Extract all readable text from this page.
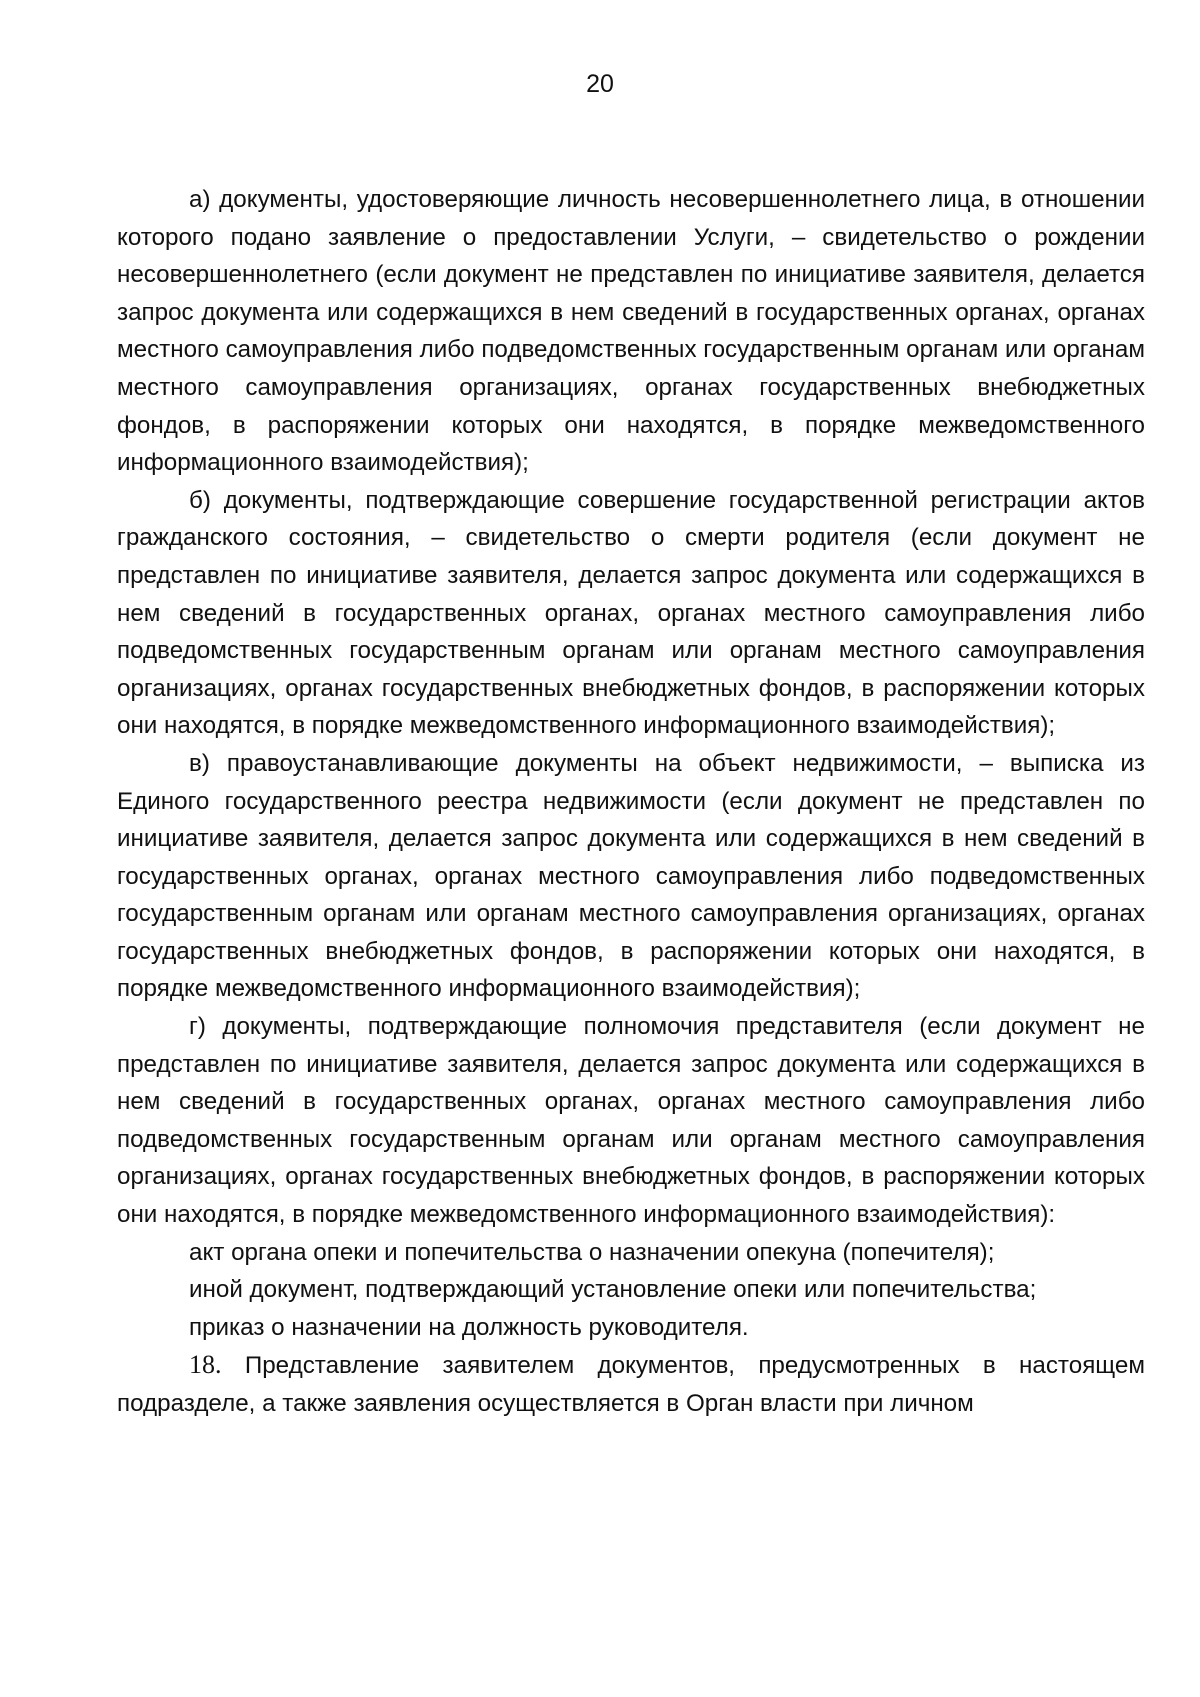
20

а) документы, удостоверяющие личность несовершеннолетнего лица, в отношении которого подано заявление о предоставлении Услуги, – свидетельство о рождении несовершеннолетнего (если документ не представлен по инициативе заявителя, делается запрос документа или содержащихся в нем сведений в государственных органах, органах местного самоуправления либо подведомственных государственным органам или органам местного самоуправления организациях, органах государственных внебюджетных фондов, в распоряжении которых они находятся, в порядке межведомственного информационного взаимодействия);

б) документы, подтверждающие совершение государственной регистрации актов гражданского состояния, – свидетельство о смерти родителя (если документ не представлен по инициативе заявителя, делается запрос документа или содержащихся в нем сведений в государственных органах, органах местного самоуправления либо подведомственных государственным органам или органам местного самоуправления организациях, органах государственных внебюджетных фондов, в распоряжении которых они находятся, в порядке межведомственного информационного взаимодействия);

в) правоустанавливающие документы на объект недвижимости, – выписка из Единого государственного реестра недвижимости (если документ не представлен по инициативе заявителя, делается запрос документа или содержащихся в нем сведений в государственных органах, органах местного самоуправления либо подведомственных государственным органам или органам местного самоуправления организациях, органах государственных внебюджетных фондов, в распоряжении которых они находятся, в порядке межведомственного информационного взаимодействия);

г) документы, подтверждающие полномочия представителя (если документ не представлен по инициативе заявителя, делается запрос документа или содержащихся в нем сведений в государственных органах, органах местного самоуправления либо подведомственных государственным органам или органам местного самоуправления организациях, органах государственных внебюджетных фондов, в распоряжении которых они находятся, в порядке межведомственного информационного взаимодействия):

акт органа опеки и попечительства о назначении опекуна (попечителя);

иной документ, подтверждающий установление опеки или попечительства;

приказ о назначении на должность руководителя.

18. Представление заявителем документов, предусмотренных в настоящем подразделе, а также заявления осуществляется в Орган власти при личном
